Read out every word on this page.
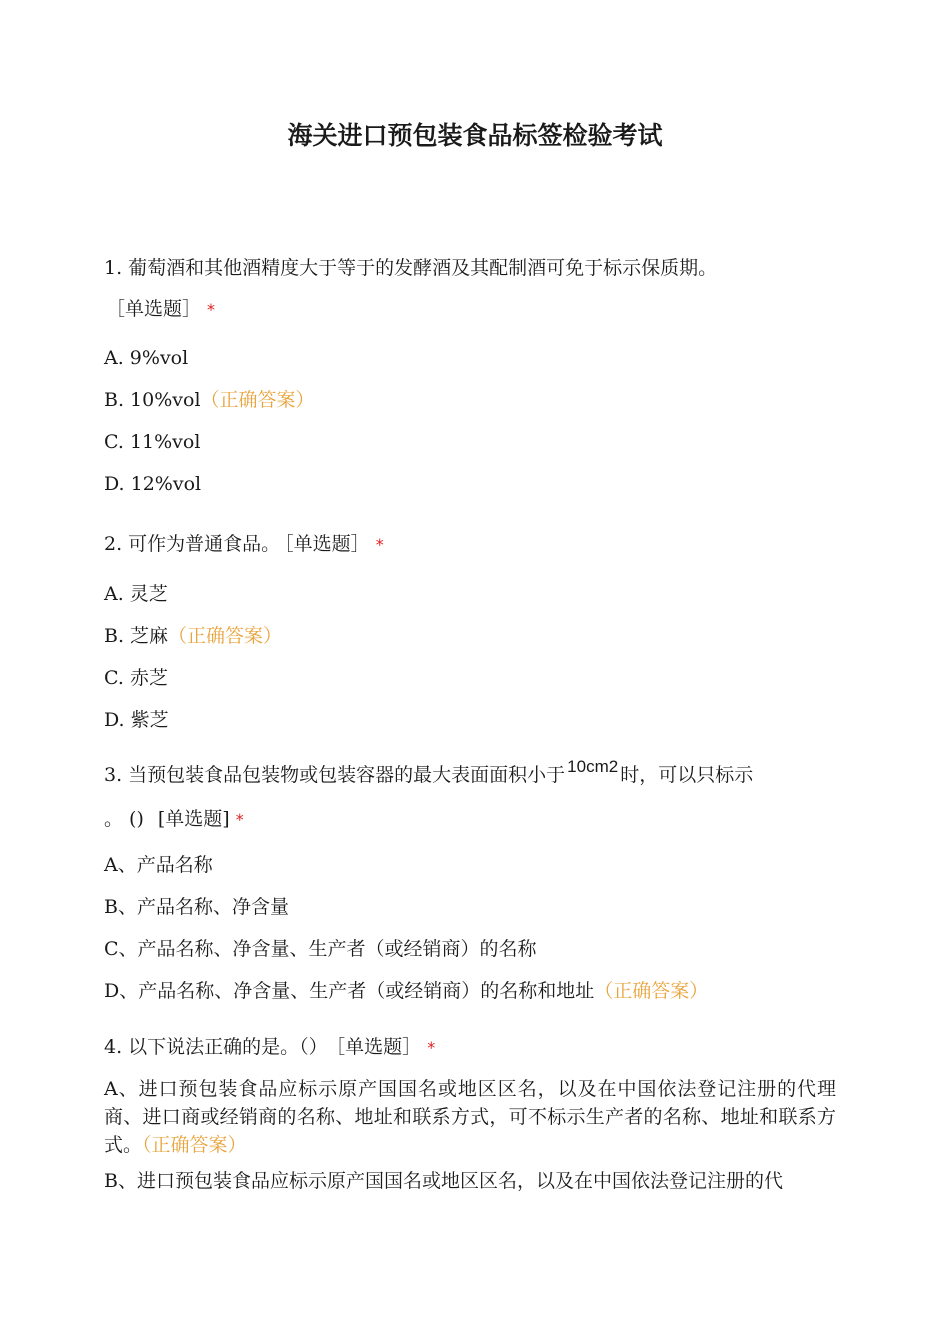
海关进口预包装食品标签检验考试
1. 葡萄酒和其他酒精度大于等于的发酵酒及其配制酒可免于标示保质期。
［单选题］ *
A. 9%vol
B. 10%vol（正确答案）
C. 11%vol
D. 12%vol
2. 可作为普通食品。 ［单选题］ *
A. 灵芝
B. 芝麻（正确答案）
C. 赤芝
D. 紫芝
3. 当预包装食品包装物或包装容器的最大表面面积小于 10cm2 时，可以只标示
。 () [单选题] *
A、产品名称
B、产品名称、净含量
C、产品名称、净含量、生产者（或经销商）的名称
D、产品名称、净含量、生产者（或经销商）的名称和地址（正确答案）
4. 以下说法正确的是。（） ［单选题］ *
A、进口预包装食品应标示原产国国名或地区区名，以及在中国依法登记注册的代理商、进口商或经销商的名称、地址和联系方式，可不标示生产者的名称、地址和联系方式。（正确答案）
B、进口预包装食品应标示原产国国名或地区区名，以及在中国依法登记注册的代
